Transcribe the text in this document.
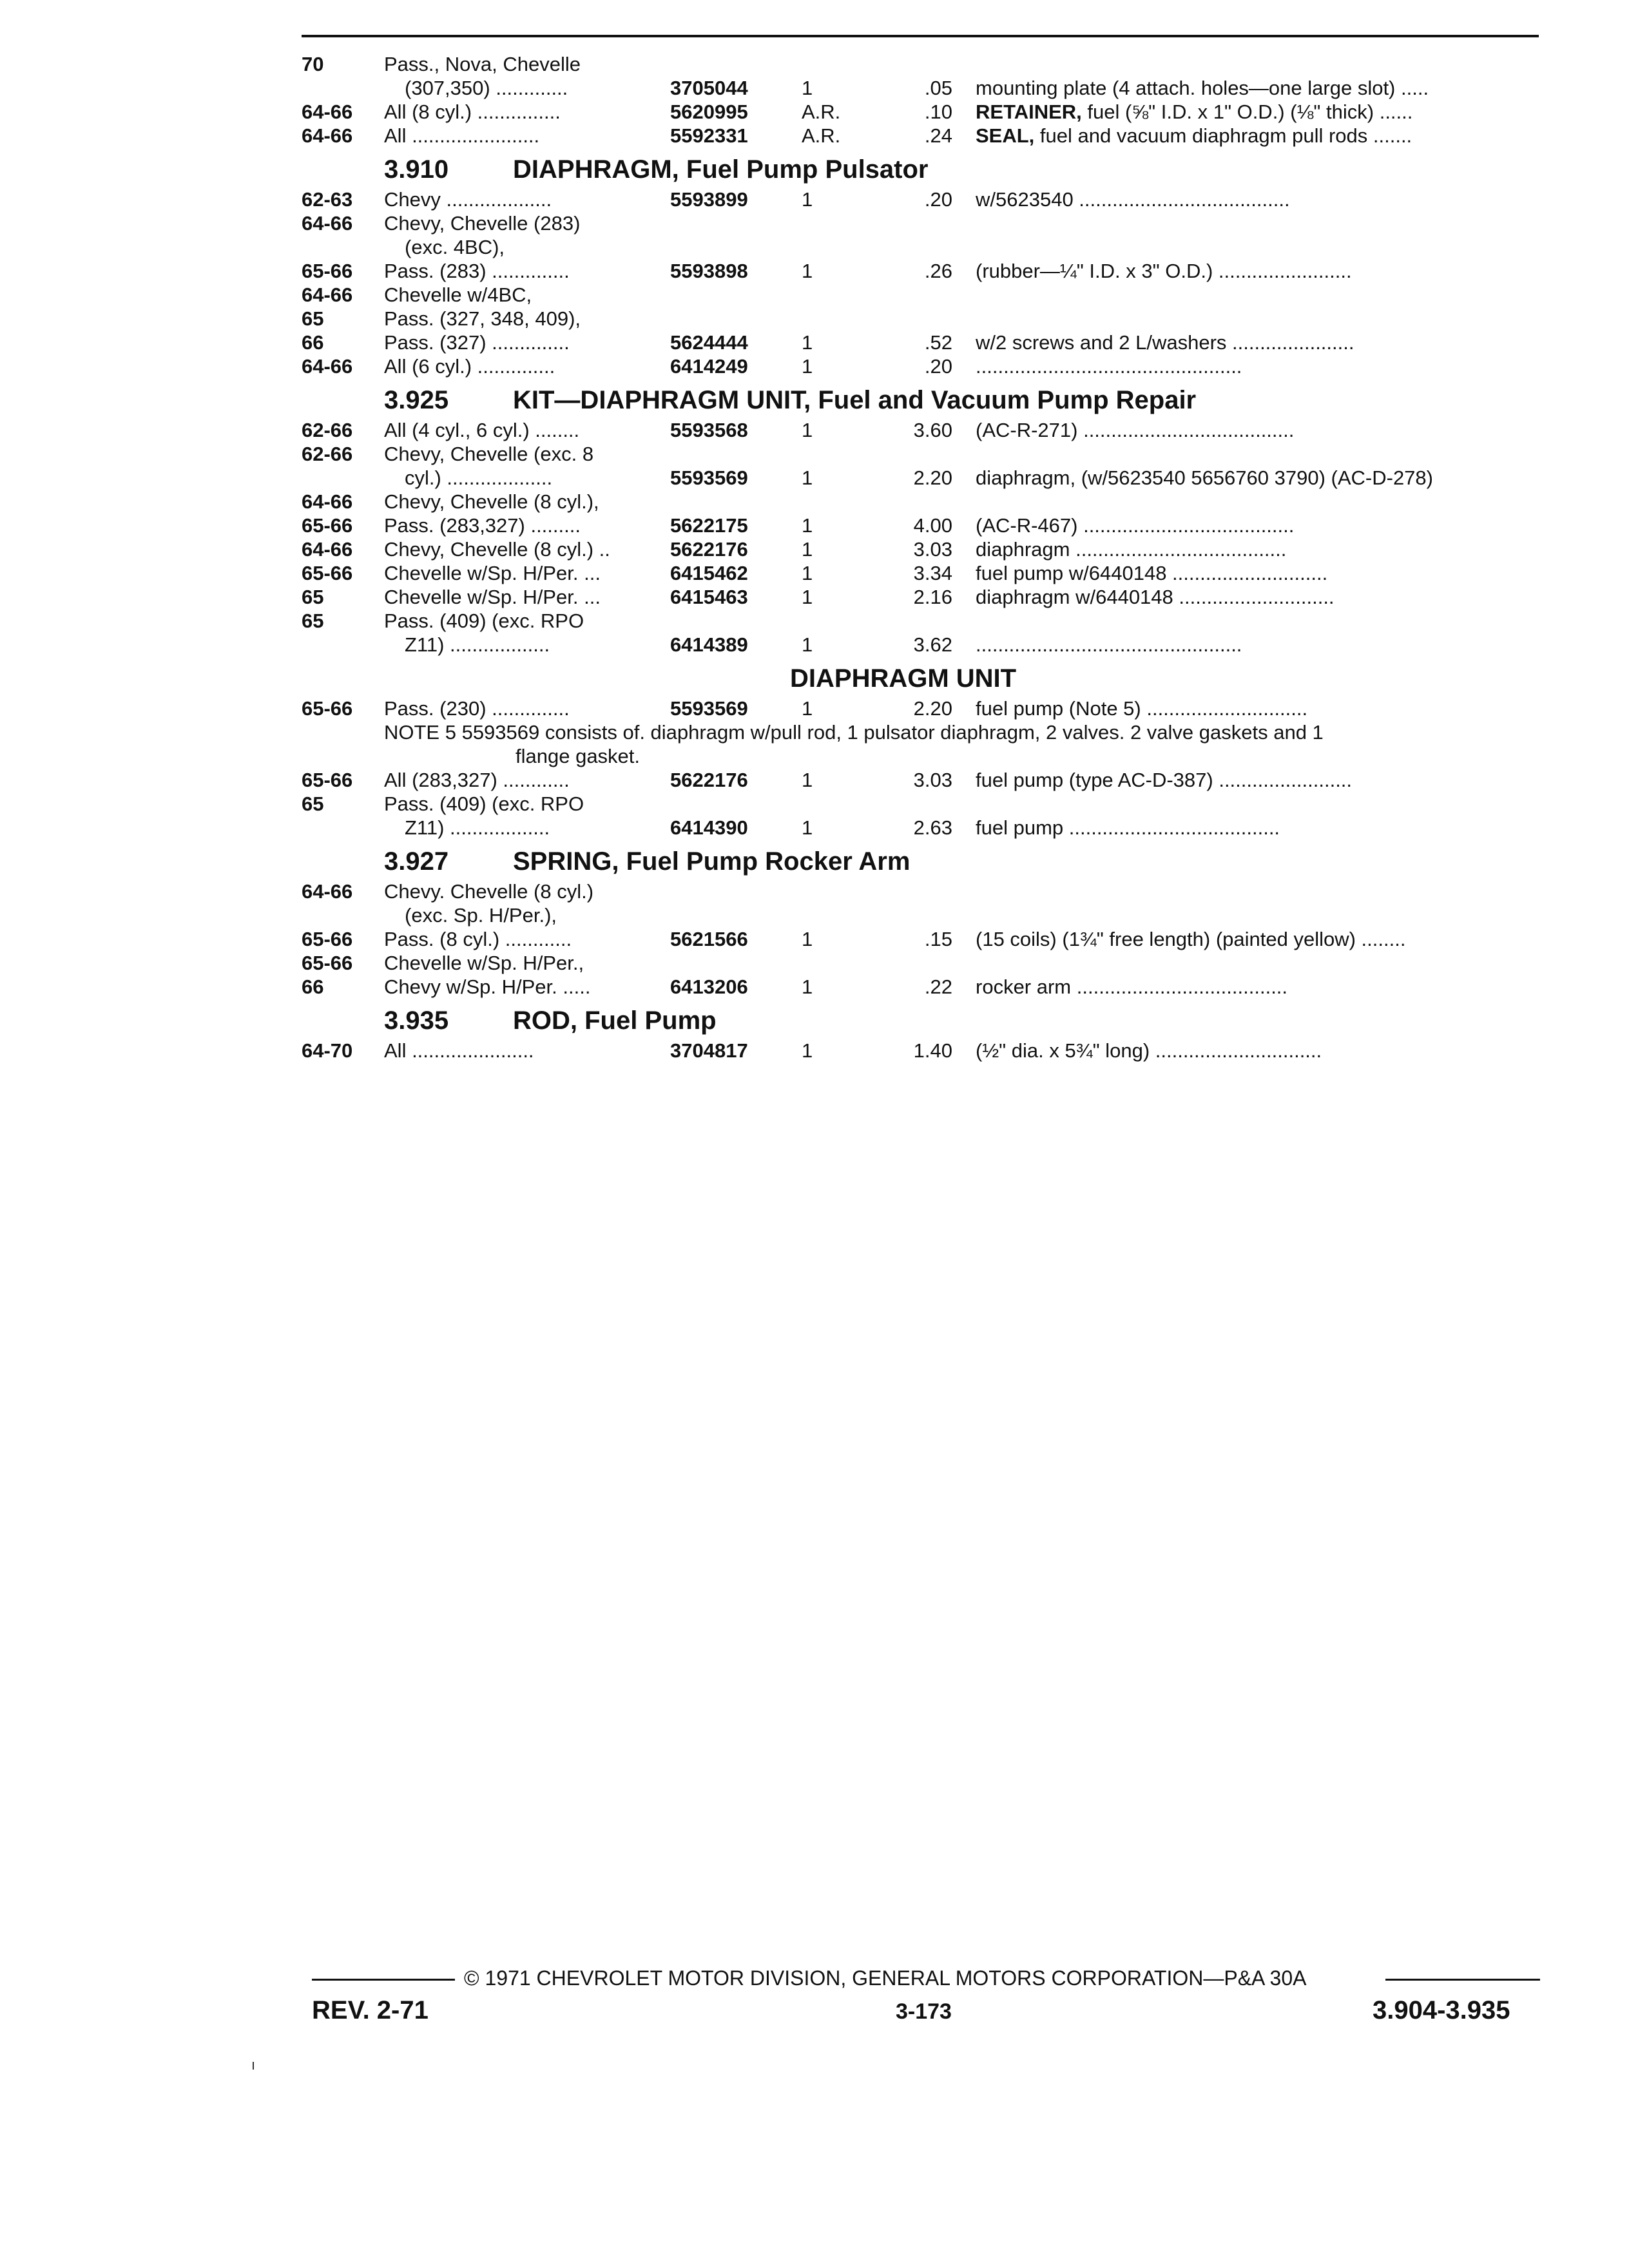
70	Pass., Nova, Chevelle
(307,350) .............	3705044	1	.05 mounting plate (4 attach. holes—one large slot) .....
64-66	All (8 cyl.) ...............	5620995	A.R.	.10 RETAINER, fuel (⅝" I.D. x 1" O.D.) (⅛" thick) ......
64-66	All .......................	5592331	A.R.	.24 SEAL, fuel and vacuum diaphragm pull rods .......
3.910 DIAPHRAGM, Fuel Pump Pulsator
62-63	Chevy ...................	5593899	1	.20 w/5623540 ......................................
64-66	Chevy, Chevelle (283)
(exc. 4BC),
65-66	Pass. (283) ..............	5593898	1	.26 (rubber—¼" I.D. x 3" O.D.) ........................
64-66	Chevelle w/4BC,
65	Pass. (327, 348, 409),
66	Pass. (327) ..............	5624444	1	.52 w/2 screws and 2 L/washers ......................
64-66	All (6 cyl.) ..............	6414249	1	.20 ................................................
3.925 KIT—DIAPHRAGM UNIT, Fuel and Vacuum Pump Repair
62-66	All (4 cyl., 6 cyl.) ........	5593568	1	3.60 (AC-R-271) ......................................
62-66	Chevy, Chevelle (exc. 8
cyl.) ...................	5593569	1	2.20 diaphragm, (w/5623540 5656760 3790) (AC-D-278)
64-66	Chevy, Chevelle (8 cyl.),
65-66	Pass. (283,327) .........	5622175	1	4.00 (AC-R-467) ......................................
64-66	Chevy, Chevelle (8 cyl.) ..	5622176	1	3.03 diaphragm ......................................
65-66	Chevelle w/Sp. H/Per. ...	6415462	1	3.34 fuel pump w/6440148 ............................
65	Chevelle w/Sp. H/Per. ...	6415463	1	2.16 diaphragm w/6440148 ............................
65	Pass. (409) (exc. RPO
Z11) ..................	6414389	1	3.62 ................................................
DIAPHRAGM UNIT
65-66	Pass. (230) ..............	5593569	1	2.20 fuel pump (Note 5) .............................
NOTE 5 5593569 consists of. diaphragm w/pull rod, 1 pulsator diaphragm, 2 valves. 2 valve gaskets and 1
flange gasket.
65-66	All (283,327) ............	5622176	1	3.03 fuel pump (type AC-D-387) ........................
65	Pass. (409) (exc. RPO
Z11) ..................	6414390	1	2.63 fuel pump ......................................
3.927 SPRING, Fuel Pump Rocker Arm
64-66	Chevy. Chevelle (8 cyl.)
(exc. Sp. H/Per.),
65-66	Pass. (8 cyl.) ............	5621566	1	.15 (15 coils) (1¾" free length) (painted yellow) ........
65-66	Chevelle w/Sp. H/Per.,
66	Chevy w/Sp. H/Per. .....	6413206	1	.22 rocker arm ......................................
3.935 ROD, Fuel Pump
64-70	All ......................	3704817	1	1.40 (½" dia. x 5¾" long) ..............................
© 1971 CHEVROLET MOTOR DIVISION, GENERAL MOTORS CORPORATION—P&A 30A
REV. 2-71	3-173	3.904-3.935
